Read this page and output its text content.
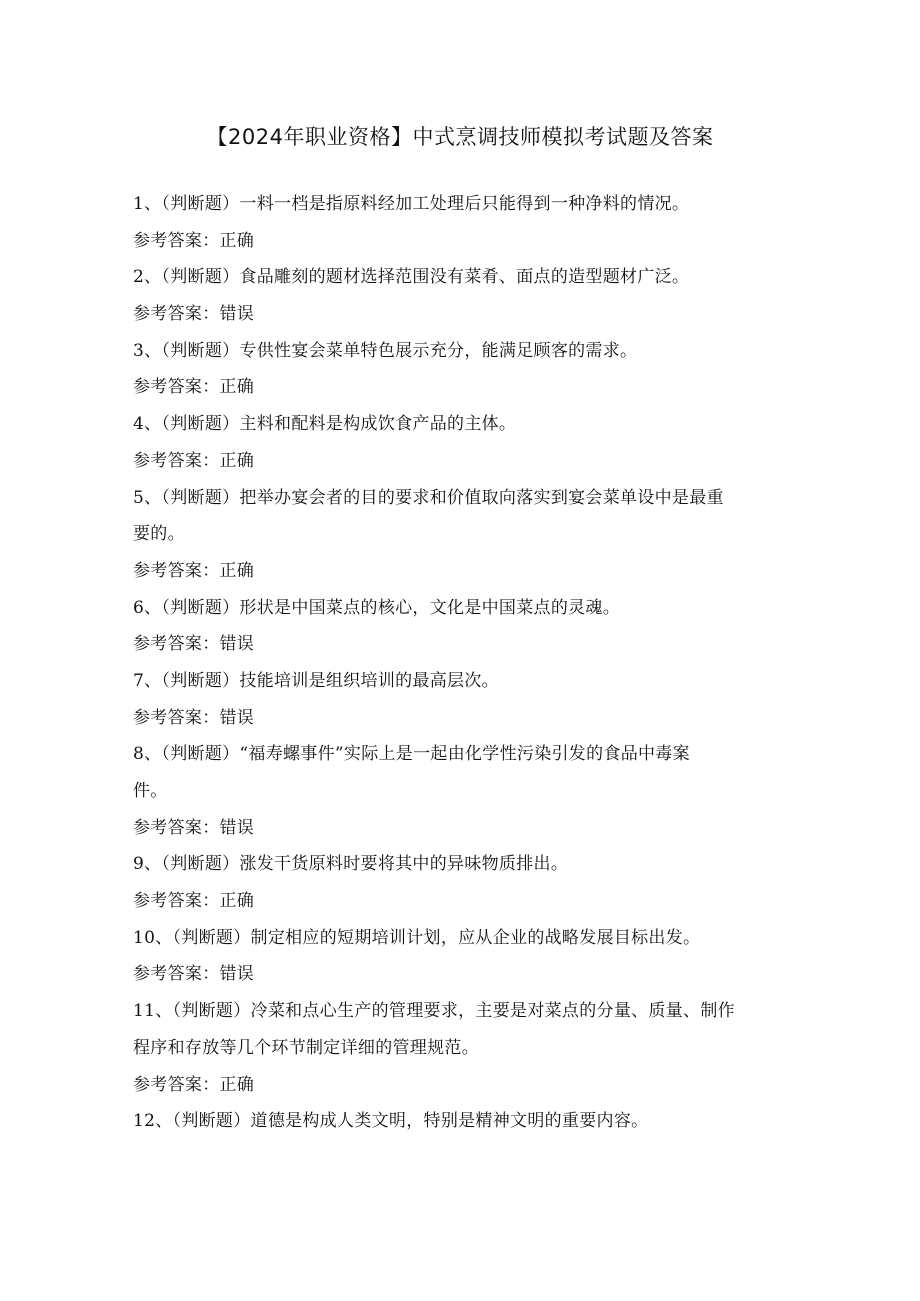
【2024年职业资格】中式烹调技师模拟考试题及答案
1、（判断题）一料一档是指原料经加工处理后只能得到一种净料的情况。
参考答案：正确
2、（判断题）食品雕刻的题材选择范围没有菜肴、面点的造型题材广泛。
参考答案：错误
3、（判断题）专供性宴会菜单特色展示充分，能满足顾客的需求。
参考答案：正确
4、（判断题）主料和配料是构成饮食产品的主体。
参考答案：正确
5、（判断题）把举办宴会者的目的要求和价值取向落实到宴会菜单设中是最重
要的。
参考答案：正确
6、（判断题）形状是中国菜点的核心，文化是中国菜点的灵魂。
参考答案：错误
7、（判断题）技能培训是组织培训的最高层次。
参考答案：错误
8、（判断题）“福寿螺事件”实际上是一起由化学性污染引发的食品中毒案
件。
参考答案：错误
9、（判断题）涨发干货原料时要将其中的异味物质排出。
参考答案：正确
10、（判断题）制定相应的短期培训计划，应从企业的战略发展目标出发。
参考答案：错误
11、（判断题）冷菜和点心生产的管理要求，主要是对菜点的分量、质量、制作
程序和存放等几个环节制定详细的管理规范。
参考答案：正确
12、（判断题）道德是构成人类文明，特别是精神文明的重要内容。
